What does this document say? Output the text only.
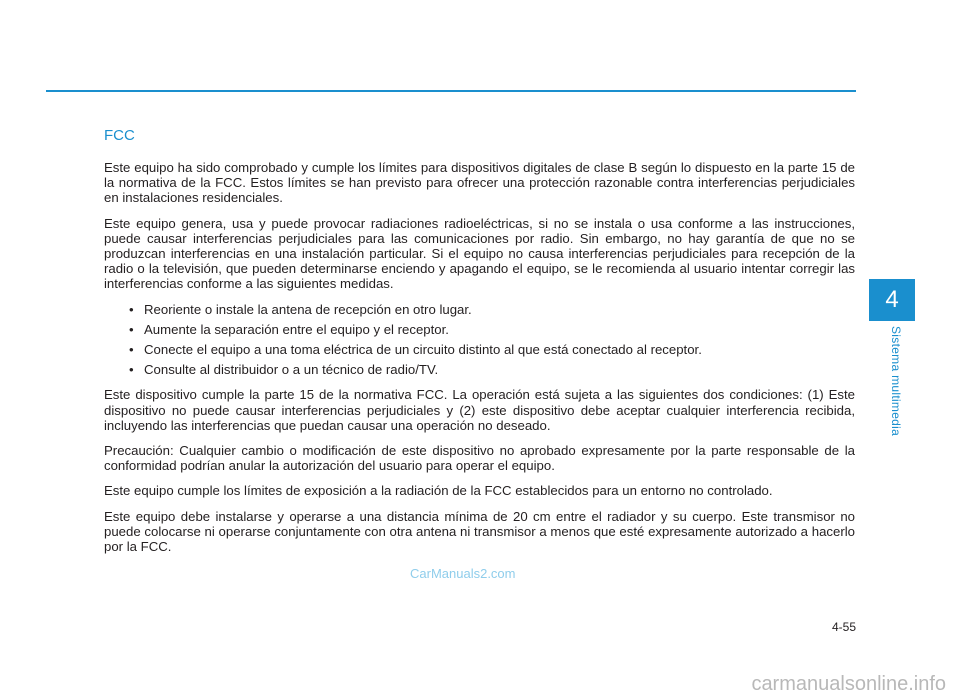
4
Sistema multimedia
FCC

Este equipo ha sido comprobado y cumple los límites para dispositivos digitales de clase B según lo dispuesto en la parte 15 de la normativa de la FCC. Estos límites se han previsto para ofrecer una protección razonable contra interferencias perjudiciales en instalaciones residenciales.

Este equipo genera, usa y puede provocar radiaciones radioeléctricas, si no se instala o usa conforme a las instrucciones, puede causar interferencias perjudiciales para las comunicaciones por radio. Sin embargo, no hay garantía de que no se produzcan interferencias en una instalación particular. Si el equipo no causa interferencias perjudiciales para recepción de la radio o la televisión, que pueden determinarse enciendo y apagando el equipo, se le recomienda al usuario intentar corregir las interferencias conforme a las siguientes medidas.

• Reoriente o instale la antena de recepción en otro lugar.
• Aumente la separación entre el equipo y el receptor.
• Conecte el equipo a una toma eléctrica de un circuito distinto al que está conectado al receptor.
• Consulte al distribuidor o a un técnico de radio/TV.

Este dispositivo cumple la parte 15 de la normativa FCC. La operación está sujeta a las siguientes dos condiciones: (1) Este dispositivo no puede causar interferencias perjudiciales y (2) este dispositivo debe aceptar cualquier interferencia recibida, incluyendo las interferencias que puedan causar una operación no deseado.

Precaución: Cualquier cambio o modificación de este dispositivo no aprobado expresamente por la parte responsable de la conformidad podrían anular la autorización del usuario para operar el equipo.

Este equipo cumple los límites de exposición a la radiación de la FCC establecidos para un entorno no controlado.

Este equipo debe instalarse y operarse a una distancia mínima de 20 cm entre el radiador y su cuerpo. Este transmisor no puede colocarse ni operarse conjuntamente con otra antena ni transmisor a menos que esté expresamente autorizado a hacerlo por la FCC.

CarManuals2.com
4-55
carmanualsonline.info
